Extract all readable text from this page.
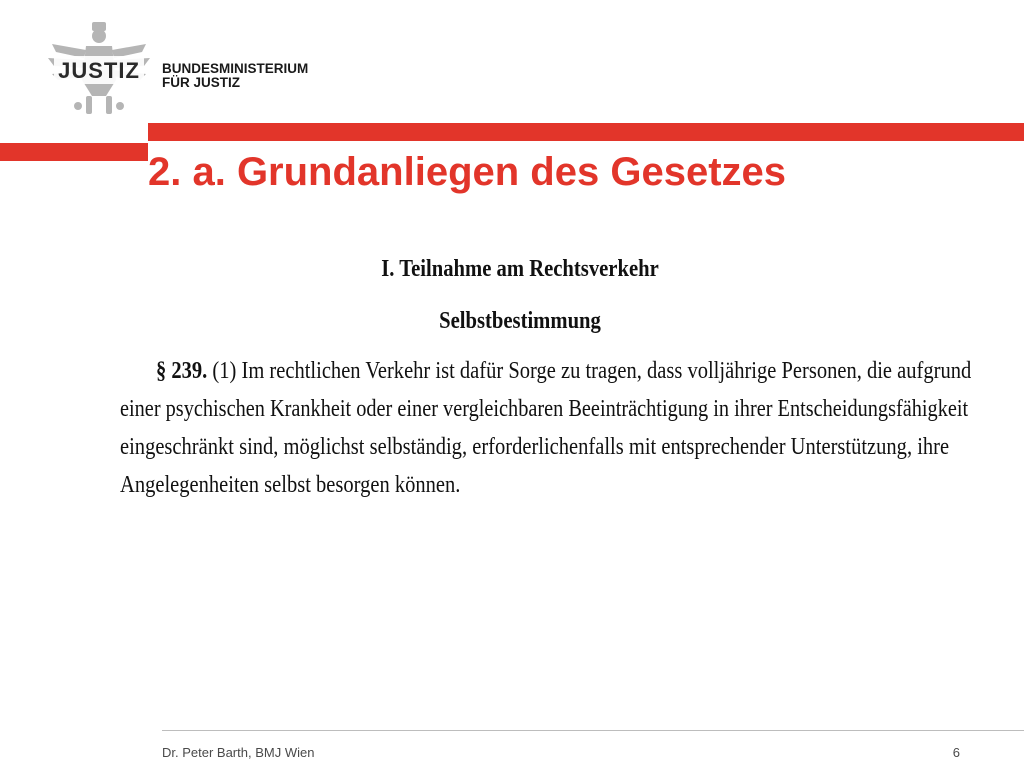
JUSTIZ BUNDESMINISTERIUM
FÜR JUSTIZ
2. a. Grundanliegen des Gesetzes
I. Teilnahme am Rechtsverkehr
Selbstbestimmung
§ 239. (1) Im rechtlichen Verkehr ist dafür Sorge zu tragen, dass volljährige Personen, die aufgrund
einer psychischen Krankheit oder einer vergleichbaren Beeinträchtigung in ihrer Entscheidungsfähigkeit
eingeschränkt sind, möglichst selbständig, erforderlichenfalls mit entsprechender Unterstützung, ihre
Angelegenheiten selbst besorgen können.
Dr. Peter Barth, BMJ Wien	6
